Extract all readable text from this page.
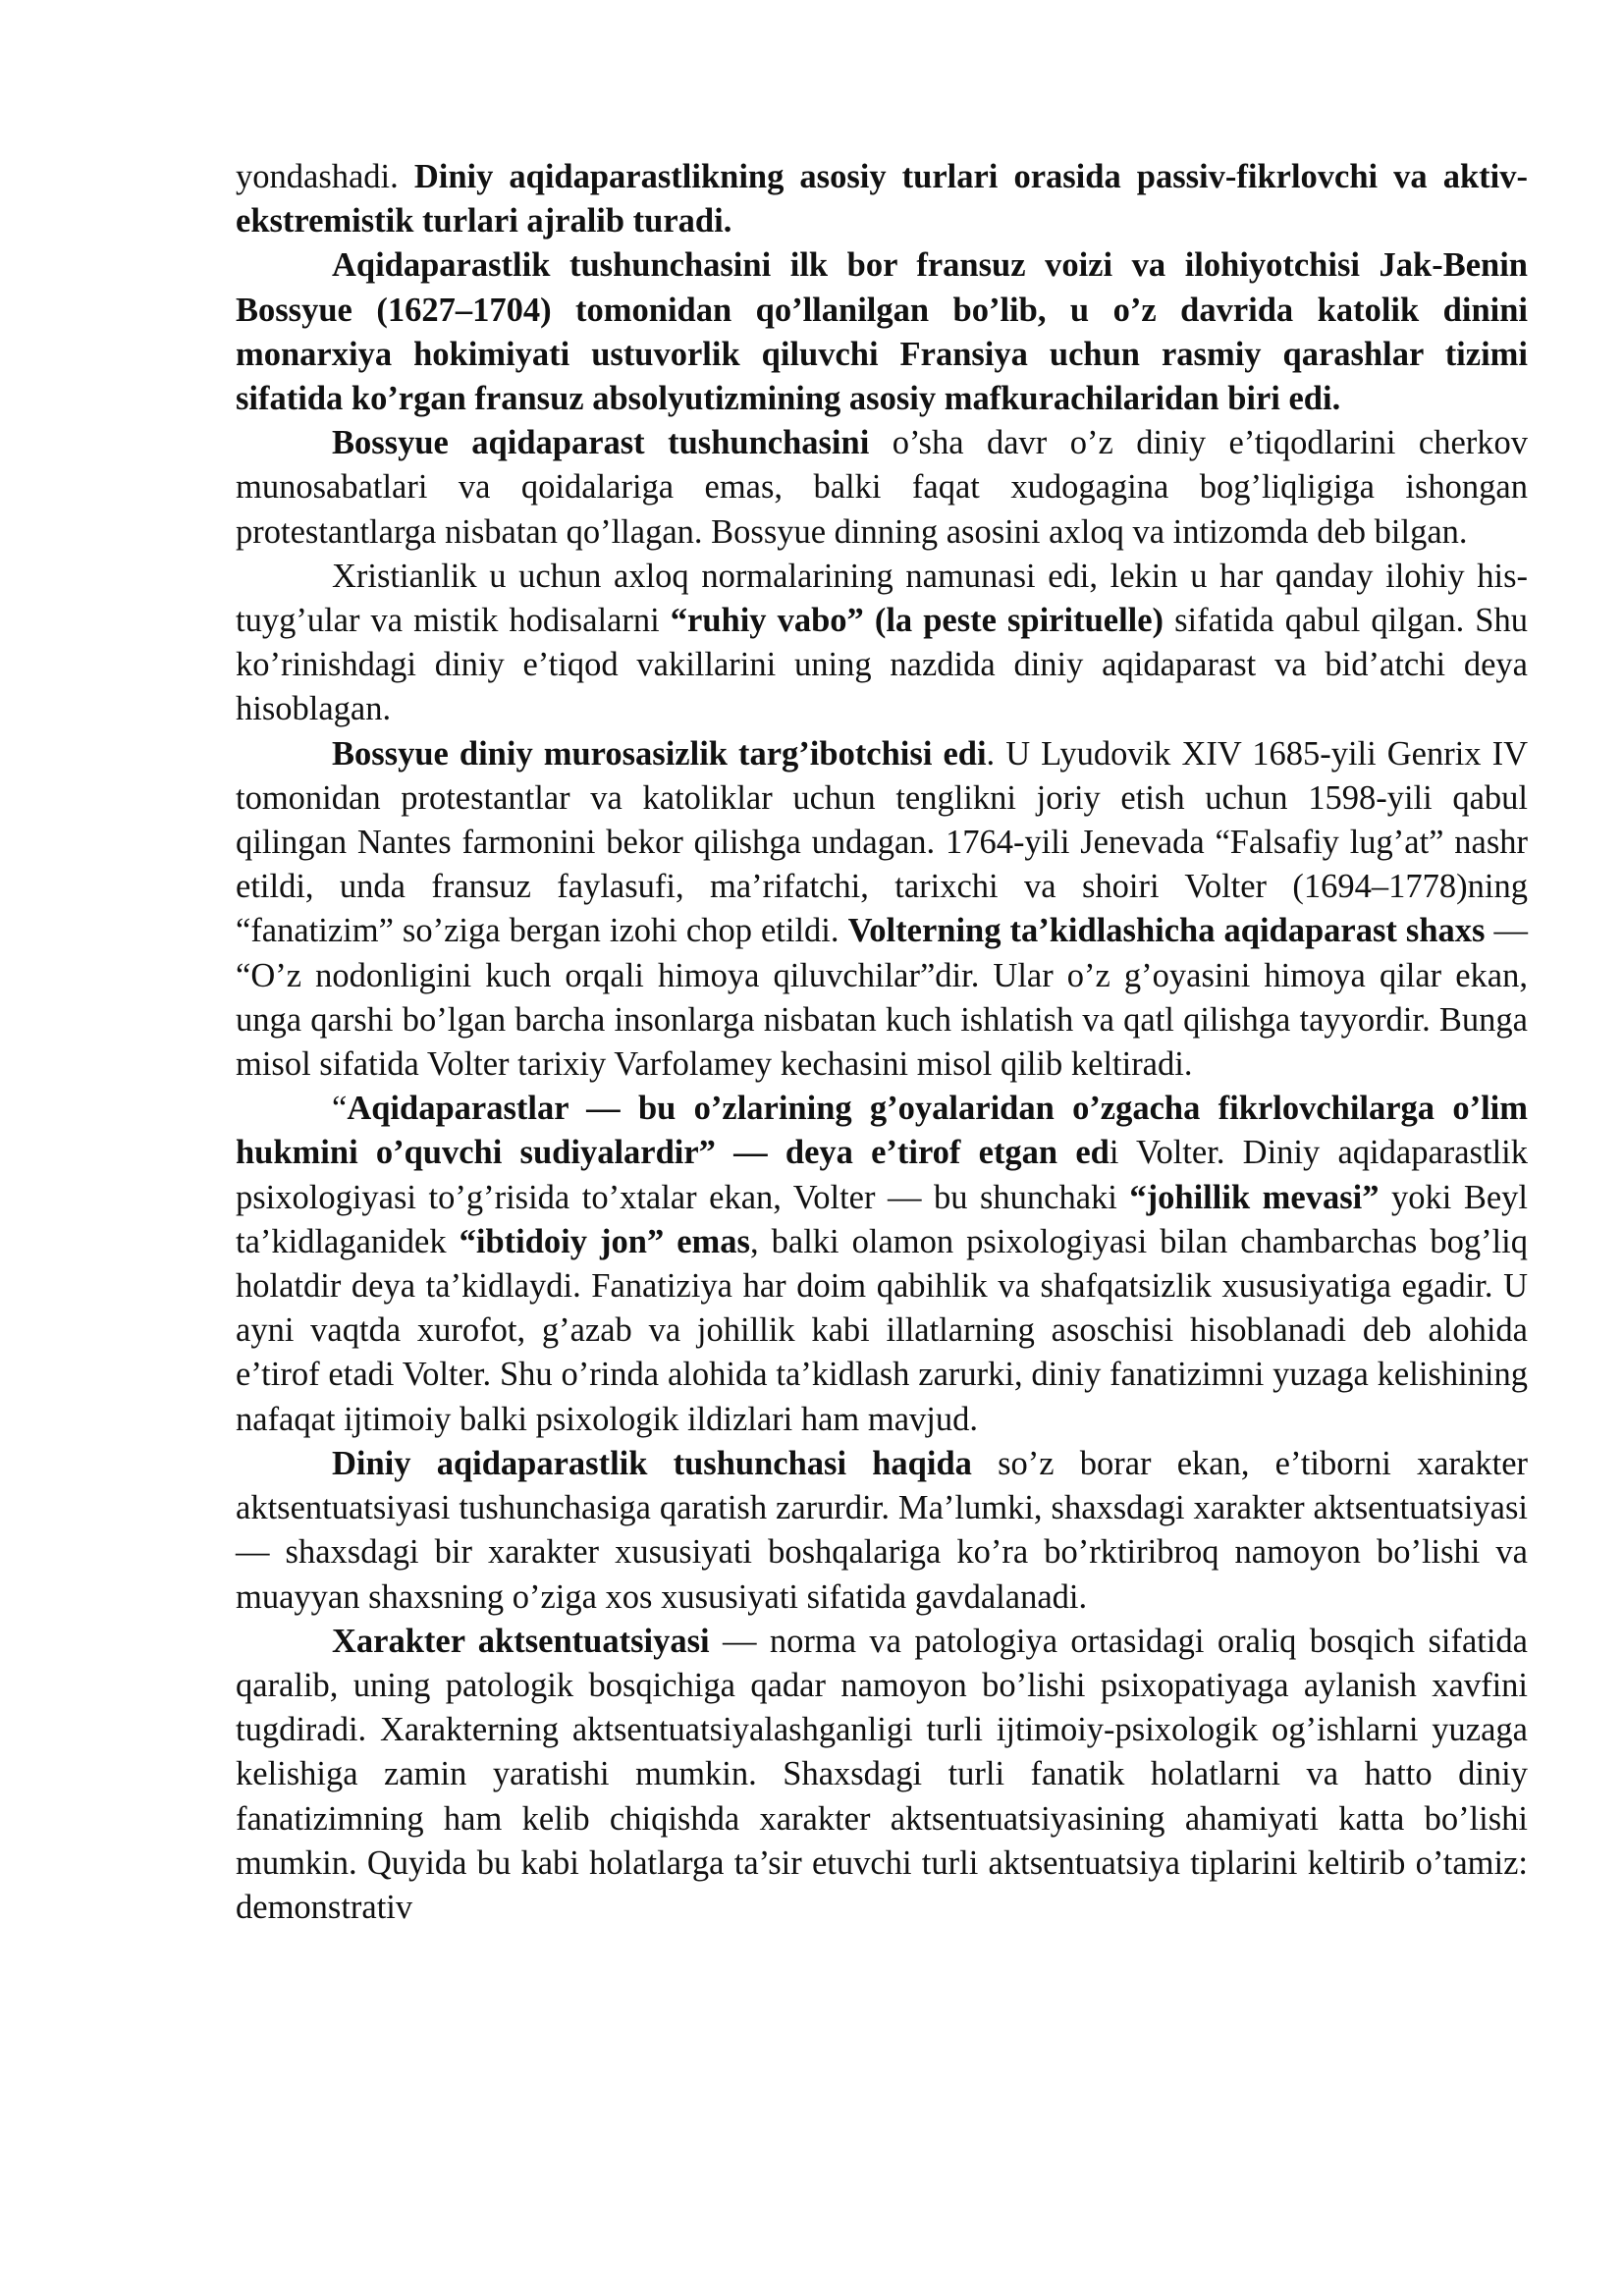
yondashadi. Diniy aqidaparastlikning asosiy turlari orasida passiv-fikrlovchi va aktiv-ekstremistik turlari ajralib turadi.

Aqidaparastlik tushunchasini ilk bor fransuz voizi va ilohiyotchisi Jak-Benin Bossyue (1627–1704) tomonidan qo’llanilgan bo’lib, u o’z davrida katolik dinini monarxiya hokimiyati ustuvorlik qiluvchi Fransiya uchun rasmiy qarashlar tizimi sifatida ko’rgan fransuz absolyutizmining asosiy mafkurachilaridan biri edi.

Bossyue aqidaparast tushunchasini o’sha davr o’z diniy e’tiqodlarini cherkov munosabatlari va qoidalariga emas, balki faqat xudogagina bog’liqligiga ishongan protestantlarga nisbatan qo’llagan. Bossyue dinning asosini axloq va intizomda deb bilgan.

Xristianlik u uchun axloq normalarining namunasi edi, lekin u har qanday ilohiy his-tuyg’ular va mistik hodisalarni “ruhiy vabo” (la peste spirituelle) sifatida qabul qilgan. Shu ko’rinishdagi diniy e’tiqod vakillarini uning nazdida diniy aqidaparast va bid’atchi deya hisoblagan.

Bossyue diniy murosasizlik targ’ibotchisi edi. U Lyudovik XIV 1685-yili Genrix IV tomonidan protestantlar va katoliklar uchun tenglikni joriy etish uchun 1598-yili qabul qilingan Nantes farmonini bekor qilishga undagan. 1764-yili Jenevada “Falsafiy lug’at” nashr etildi, unda fransuz faylasufi, ma’rifatchi, tarixchi va shoiri Volter (1694–1778)ning “fanatizim” so’ziga bergan izohi chop etildi. Volterning ta’kidlashicha aqidaparast shaxs — “O’z nodonligini kuch orqali himoya qiluvchilar”dir. Ular o’z g’oyasini himoya qilar ekan, unga qarshi bo’lgan barcha insonlarga nisbatan kuch ishlatish va qatl qilishga tayyordir. Bunga misol sifatida Volter tarixiy Varfolamey kechasini misol qilib keltiradi.

“Aqidaparastlar — bu o’zlarining g’oyalaridan o’zgacha fikrlovchilarga o’lim hukmini o’quvchi sudiyalardir” — deya e’tirof etgan edi Volter. Diniy aqidaparastlik psixologiyasi to’g’risida to’xtalar ekan, Volter — bu shunchaki “johillik mevasi” yoki Beyl ta’kidlaganidek “ibtidoiy jon” emas, balki olamon psixologiyasi bilan chambarchas bog’liq holatdir deya ta’kidlaydi. Fanatiziya har doim qabihlik va shafqatsizlik xususiyatiga egadir. U ayni vaqtda xurofot, g’azab va johillik kabi illatlarning asoschisi hisoblanadi deb alohida e’tirof etadi Volter. Shu o’rinda alohida ta’kidlash zarurki, diniy fanatizimni yuzaga kelishining nafaqat ijtimoiy balki psixologik ildizlari ham mavjud.

Diniy aqidaparastlik tushunchasi haqida so’z borar ekan, e’tiborni xarakter aktsentuatsiyasi tushunchasiga qaratish zarurdir. Ma’lumki, shaxsdagi xarakter aktsentuatsiyasi — shaxsdagi bir xarakter xususiyati boshqalariga ko’ra bo’rktiribroq namoyon bo’lishi va muayyan shaxsning o’ziga xos xususiyati sifatida gavdalanadi.

Xarakter aktsentuatsiyasi — norma va patologiya ortasidagi oraliq bosqich sifatida qaralib, uning patologik bosqichiga qadar namoyon bo’lishi psixopatiyaga aylanish xavfini tugdiradi. Xarakterning aktsentuatsiyalashganligi turli ijtimoiy-psixologik og’ishlarni yuzaga kelishiga zamin yaratishi mumkin. Shaxsdagi turli fanatik holatlarni va hatto diniy fanatizimning ham kelib chiqishda xarakter aktsentuatsiyasining ahamiyati katta bo’lishi mumkin. Quyida bu kabi holatlarga ta’sir etuvchi turli aktsentuatsiya tiplarini keltirib o’tamiz: demonstrativ
